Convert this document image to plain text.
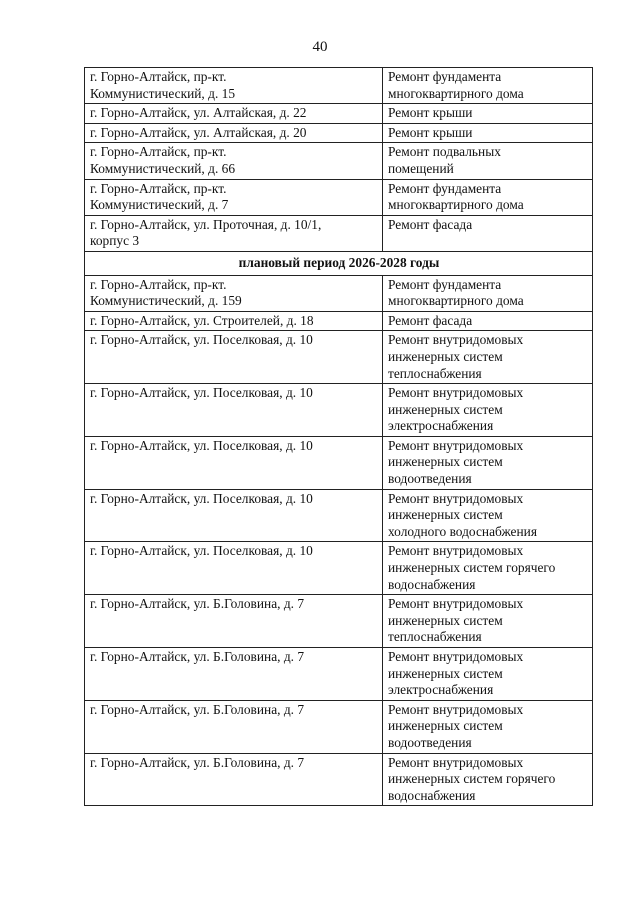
40
г. Горно-Алтайск, пр-кт.
Коммунистический, д. 15	Ремонт фундамента
многоквартирного дома

г. Горно-Алтайск, ул. Алтайская, д. 22	Ремонт крыши

г. Горно-Алтайск, ул. Алтайская, д. 20	Ремонт крыши

г. Горно-Алтайск, пр-кт.
Коммунистический, д. 66	Ремонт подвальных
помещений

г. Горно-Алтайск, пр-кт.
Коммунистический, д. 7	Ремонт фундамента
многоквартирного дома

г. Горно-Алтайск, ул. Проточная, д. 10/1,
корпус 3	Ремонт фасада

плановый период 2026-2028 годы	

г. Горно-Алтайск, пр-кт.
Коммунистический, д. 159	Ремонт фундамента
многоквартирного дома

г. Горно-Алтайск, ул. Строителей, д. 18	Ремонт фасада

г. Горно-Алтайск, ул. Поселковая, д. 10	Ремонт внутридомовых
инженерных систем
теплоснабжения

г. Горно-Алтайск, ул. Поселковая, д. 10	Ремонт внутридомовых
инженерных систем
электроснабжения

г. Горно-Алтайск, ул. Поселковая, д. 10	Ремонт внутридомовых
инженерных систем
водоотведения

г. Горно-Алтайск, ул. Поселковая, д. 10	Ремонт внутридомовых
инженерных систем
холодного водоснабжения

г. Горно-Алтайск, ул. Поселковая, д. 10	Ремонт внутридомовых
инженерных систем горячего
водоснабжения

г. Горно-Алтайск, ул. Б.Головина, д. 7	Ремонт внутридомовых
инженерных систем
теплоснабжения

г. Горно-Алтайск, ул. Б.Головина, д. 7	Ремонт внутридомовых
инженерных систем
электроснабжения

г. Горно-Алтайск, ул. Б.Головина, д. 7	Ремонт внутридомовых
инженерных систем
водоотведения

г. Горно-Алтайск, ул. Б.Головина, д. 7	Ремонт внутридомовых
инженерных систем горячего
водоснабжения
